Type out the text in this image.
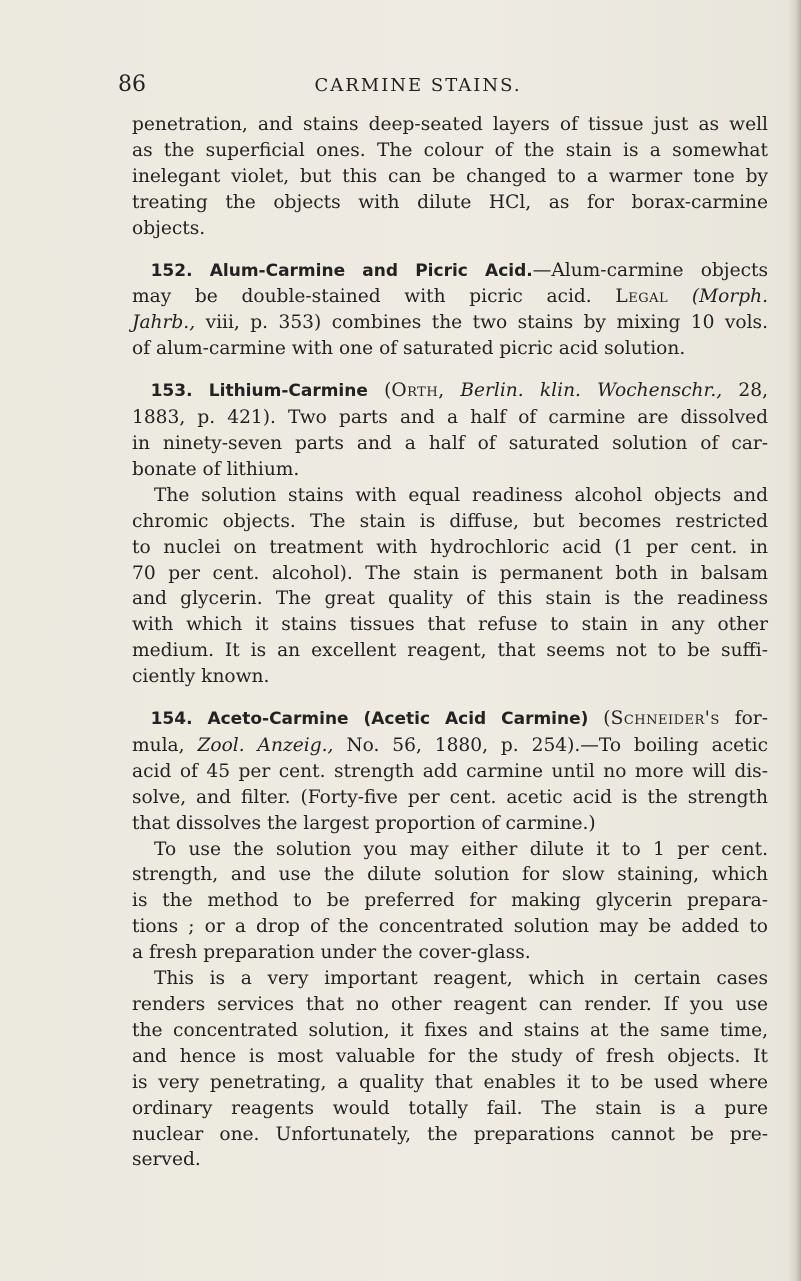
86	CARMINE STAINS.

penetration, and stains deep-seated layers of tissue just as well
as the superficial ones. The colour of the stain is a somewhat
inelegant violet, but this can be changed to a warmer tone by
treating the objects with dilute HCl, as for borax-carmine
objects.

  152. Alum-Carmine and Picric Acid.—Alum-carmine objects
may be double-stained with picric acid. Legal (Morph.
Jahrb., viii, p. 353) combines the two stains by mixing 10 vols.
of alum-carmine with one of saturated picric acid solution.

  153. Lithium-Carmine (Orth, Berlin. klin. Wochenschr., 28,
1883, p. 421). Two parts and a half of carmine are dissolved
in ninety-seven parts and a half of saturated solution of car-
bonate of lithium.
The solution stains with equal readiness alcohol objects and
chromic objects. The stain is diffuse, but becomes restricted
to nuclei on treatment with hydrochloric acid (1 per cent. in
70 per cent. alcohol). The stain is permanent both in balsam
and glycerin. The great quality of this stain is the readiness
with which it stains tissues that refuse to stain in any other
medium. It is an excellent reagent, that seems not to be suffi-
ciently known.

  154. Aceto-Carmine (Acetic Acid Carmine) (Schneider's for-
mula, Zool. Anzeig., No. 56, 1880, p. 254).—To boiling acetic
acid of 45 per cent. strength add carmine until no more will dis-
solve, and filter. (Forty-five per cent. acetic acid is the strength
that dissolves the largest proportion of carmine.)
To use the solution you may either dilute it to 1 per cent.
strength, and use the dilute solution for slow staining, which
is the method to be preferred for making glycerin prepara-
tions ; or a drop of the concentrated solution may be added to
a fresh preparation under the cover-glass.
This is a very important reagent, which in certain cases
renders services that no other reagent can render. If you use
the concentrated solution, it fixes and stains at the same time,
and hence is most valuable for the study of fresh objects. It
is very penetrating, a quality that enables it to be used where
ordinary reagents would totally fail. The stain is a pure
nuclear one. Unfortunately, the preparations cannot be pre-
served.
